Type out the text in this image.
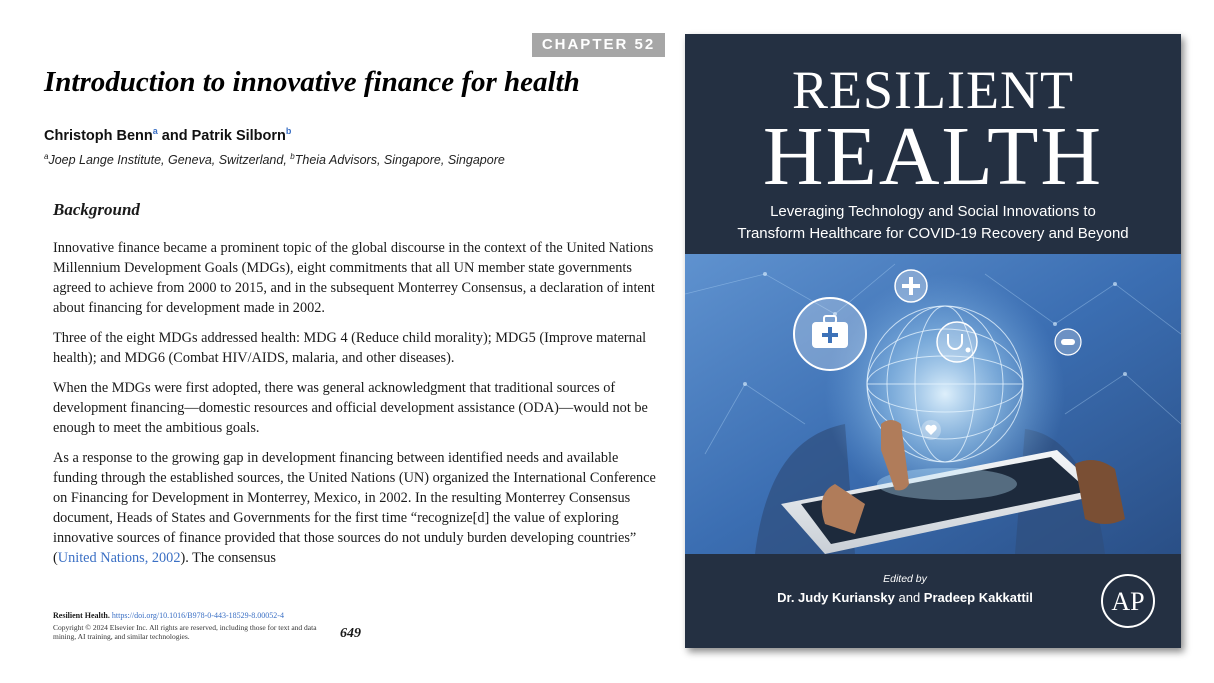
CHAPTER 52
Introduction to innovative finance for health
Christoph Benn$^a$ and Patrik Silborn$^b$
$^a$Joep Lange Institute, Geneva, Switzerland, $^b$Theia Advisors, Singapore, Singapore
Background

Innovative finance became a prominent topic of the global discourse in the context of the United Nations Millennium Development Goals (MDGs), eight commitments that all UN member state governments agreed to achieve from 2000 to 2015, and in the subsequent Monterrey Consensus, a declaration of intent about financing for development made in 2002.

Three of the eight MDGs addressed health: MDG 4 (Reduce child morality); MDG5 (Improve maternal health); and MDG6 (Combat HIV/AIDS, malaria, and other diseases).

When the MDGs were first adopted, there was general acknowledgment that traditional sources of development financing—domestic resources and official development assistance (ODA)—would not be enough to meet the ambitious goals.

As a response to the growing gap in development financing between identified needs and available funding through the established sources, the United Nations (UN) organized the International Conference on Financing for Development in Monterrey, Mexico, in 2002. In the resulting Monterrey Consensus document, Heads of States and Governments for the first time “recognize[d] the value of exploring innovative sources of finance provided that those sources do not unduly burden developing countries” (United Nations, 2002). The consensus

Resilient Health. https://doi.org/10.1016/B978-0-443-18529-8.00052-4
Copyright © 2024 Elsevier Inc. All rights are reserved, including those for text and data mining, AI training, and similar technologies.	649
RESILIENT
HEALTH
Leveraging Technology and Social Innovations to
Transform Healthcare for COVID-19 Recovery and Beyond
Edited by
Dr. Judy Kuriansky and Pradeep Kakkattil	AP
